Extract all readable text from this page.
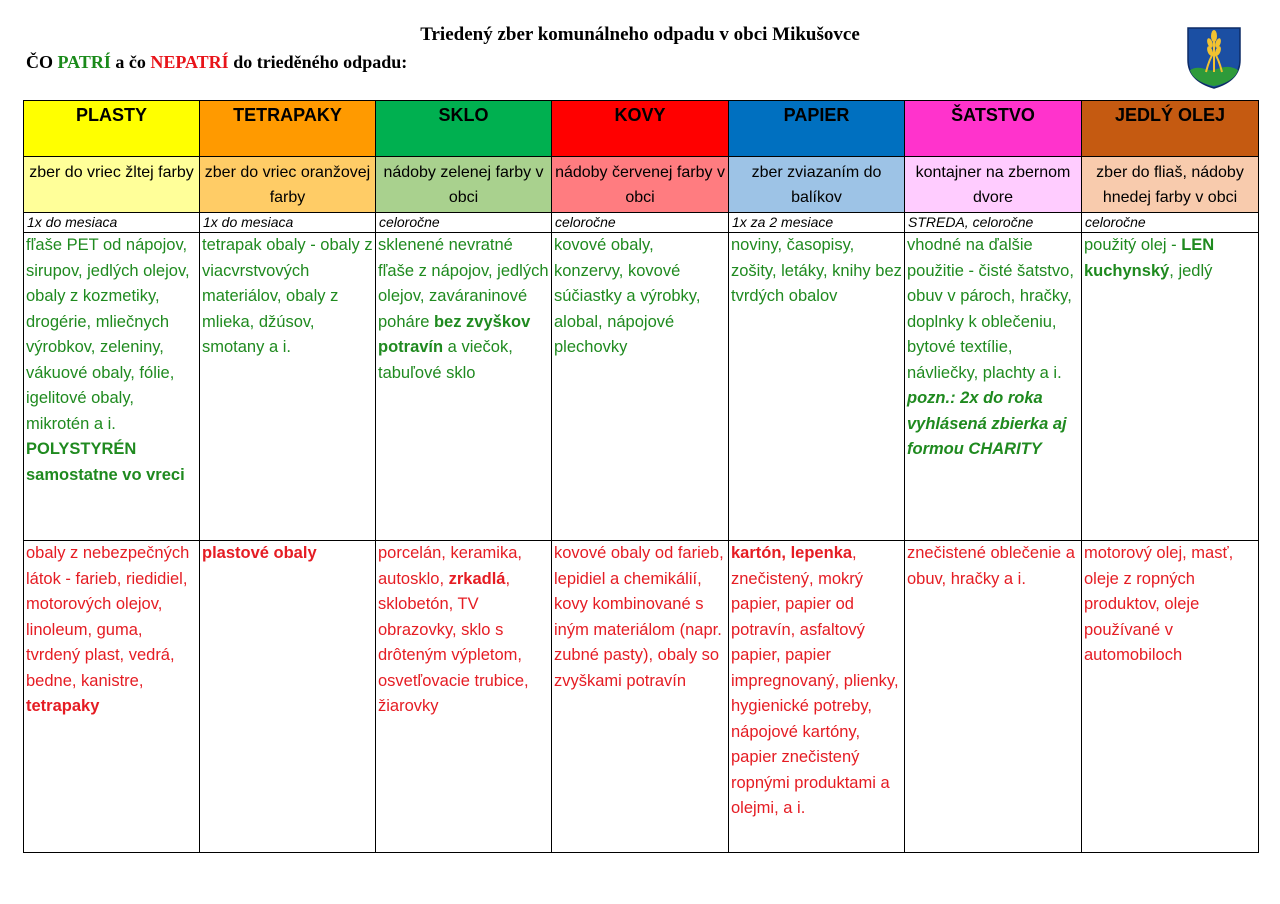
Triedený zber komunálneho odpadu v obci Mikušovce

ČO PATRÍ a čo NEPATRÍ do trieděného odpadu:

PLASTY	TETRAPAKY	SKLO	KOVY	PAPIER	ŠATSTVO	JEDLÝ OLEJ

zber do vriec žltej farby	zber do vriec oranžovej farby	nádoby zelenej farby v obci	nádoby červenej farby v obci	zber zviazaním do balíkov	kontajner na zbernom dvore	zber do fliaš, nádoby hnedej farby v obci

1x do mesiaca	1x do mesiaca	celoročne	celoročne	1x za 2 mesiace	STREDA, celoročne	celoročne
fľaše PET od nápojov, sirupov, jedlých olejov, obaly z kozmetiky, drogérie, mliečnych výrobkov, zeleniny, vákuové obaly, fólie, igelitové obaly, mikrotén a i. POLYSTYRÉN samostatne vo vreci	tetrapak obaly - obaly z viacvrstvových materiálov, obaly z mlieka, džúsov, smotany a i.	sklenené nevratné fľaše z nápojov, jedlých olejov, zaváraninové poháre bez zvyškov potravín a viečok, tabuľové sklo	kovové obaly, konzervy, kovové súčiastky a výrobky, alobal, nápojové plechovky	noviny, časopisy, zošity, letáky, knihy bez tvrdých obalov	vhodné na ďalšie použitie - čisté šatstvo, obuv v pároch, hračky, doplnky k oblečeniu, bytové textílie, návliečky, plachty a i. pozn.: 2x do roka vyhlásená zbierka aj formou CHARITY	použitý olej - LEN kuchynský, jedlý
obaly z nebezpečných látok - farieb, riedidiel, motorových olejov, linoleum, guma, tvrdený plast, vedrá, bedne, kanistre, tetrapaky	plastové obaly	porcelán, keramika, autosklo, zrkadlá, sklobetón, TV obrazovky, sklo s drôteným výpletom, osvetľovacie trubice, žiarovky	kovové obaly od farieb, lepidiel a chemikálií, kovy kombinované s iným materiálom (napr. zubné pasty), obaly so zvyškami potravín	kartón, lepenka, znečistený, mokrý papier, papier od potravín, asfaltový papier, papier impregnovaný, plienky, hygienické potreby, nápojové kartóny, papier znečistený ropnými produktami a olejmi, a i.	znečistené oblečenie a obuv, hračky a i.	motorový olej, masť, oleje z ropných produktov, oleje používané v automobiloch
